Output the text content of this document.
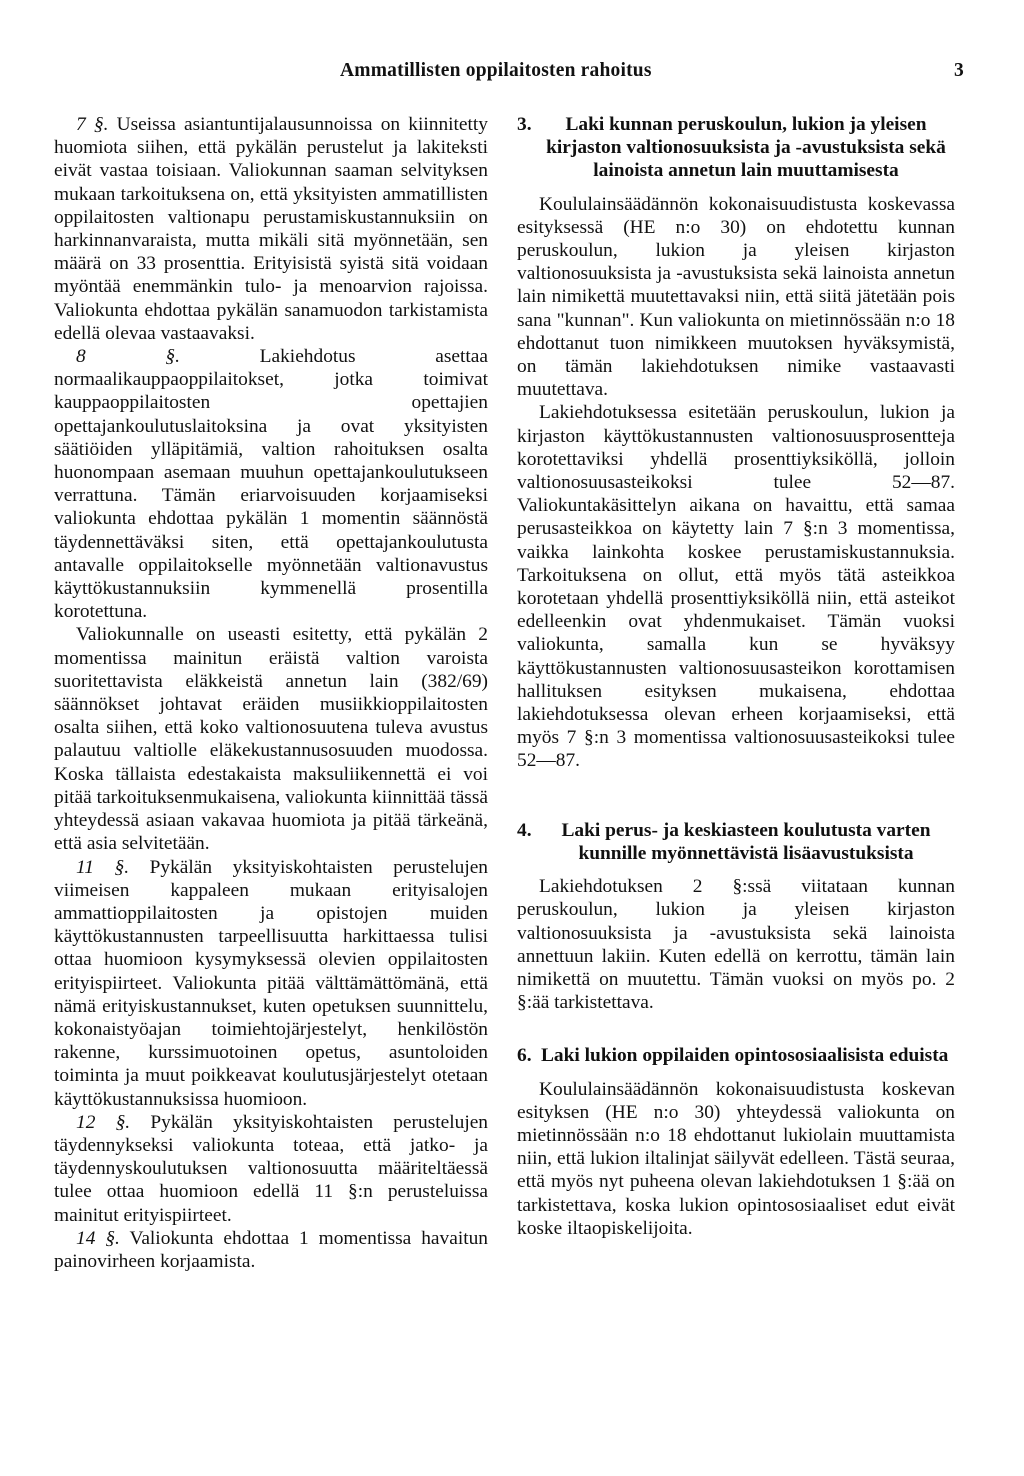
Ammatillisten oppilaitosten rahoitus	3

7 §. Useissa asiantuntijalausunnoissa on kiinnitetty huomiota siihen, että pykälän perustelut ja lakiteksti eivät vastaa toisiaan. Valiokunnan saaman selvityksen mukaan tarkoituksena on, että yksityisten ammatillisten oppilaitosten valtionapu perustamiskustannuksiin on harkinnanvaraista, mutta mikäli sitä myönnetään, sen määrä on 33 prosenttia. Erityisistä syistä sitä voidaan myöntää enemmänkin tulo- ja menoarvion rajoissa. Valiokunta ehdottaa pykälän sanamuodon tarkistamista edellä olevaa vastaavaksi.

8 §. Lakiehdotus asettaa normaalikauppaoppilaitokset, jotka toimivat kauppaoppilaitosten opettajien opettajankoulutuslaitoksina ja ovat yksityisten säätiöiden ylläpitämiä, valtion rahoituksen osalta huonompaan asemaan muuhun opettajankoulutukseen verrattuna. Tämän eriarvoisuuden korjaamiseksi valiokunta ehdottaa pykälän 1 momentin säännöstä täydennettäväksi siten, että opettajankoulutusta antavalle oppilaitokselle myönnetään valtionavustus käyttökustannuksiin kymmenellä prosentilla korotettuna.

Valiokunnalle on useasti esitetty, että pykälän 2 momentissa mainitun eräistä valtion varoista suoritettavista eläkkeistä annetun lain (382/69) säännökset johtavat eräiden musiikkioppilaitosten osalta siihen, että koko valtionosuutena tuleva avustus palautuu valtiolle eläkekustannusosuuden muodossa. Koska tällaista edestakaista maksuliikennettä ei voi pitää tarkoituksenmukaisena, valiokunta kiinnittää tässä yhteydessä asiaan vakavaa huomiota ja pitää tärkeänä, että asia selvitetään.

11 §. Pykälän yksityiskohtaisten perustelujen viimeisen kappaleen mukaan erityisalojen ammattioppilaitosten ja opistojen muiden käyttökustannusten tarpeellisuutta harkittaessa tulisi ottaa huomioon kysymyksessä olevien oppilaitosten erityispiirteet. Valiokunta pitää välttämättömänä, että nämä erityiskustannukset, kuten opetuksen suunnittelu, kokonaistyöajan toimiehtojärjestelyt, henkilöstön rakenne, kurssimuotoinen opetus, asuntoloiden toiminta ja muut poikkeavat koulutusjärjestelyt otetaan käyttökustannuksissa huomioon.

12 §. Pykälän yksityiskohtaisten perustelujen täydennykseksi valiokunta toteaa, että jatko- ja täydennyskoulutuksen valtionosuutta määriteltäessä tulee ottaa huomioon edellä 11 §:n perusteluissa mainitut erityispiirteet.

14 §. Valiokunta ehdottaa 1 momentissa havaitun painovirheen korjaamista.

3.	Laki kunnan peruskoulun, lukion ja yleisen kirjaston valtionosuuksista ja -avustuksista sekä lainoista annetun lain muuttamisesta

Koululainsäädännön kokonaisuudistusta koskevassa esityksessä (HE n:o 30) on ehdotettu kunnan peruskoulun, lukion ja yleisen kirjaston valtionosuuksista ja -avustuksista sekä lainoista annetun lain nimikettä muutettavaksi niin, että siitä jätetään pois sana "kunnan". Kun valiokunta on mietinnössään n:o 18 ehdottanut tuon nimikkeen muutoksen hyväksymistä, on tämän lakiehdotuksen nimike vastaavasti muutettava.

Lakiehdotuksessa esitetään peruskoulun, lukion ja kirjaston käyttökustannusten valtionosuusprosentteja korotettaviksi yhdellä prosenttiyksiköllä, jolloin valtionosuusasteikoksi tulee 52—87. Valiokuntakäsittelyn aikana on havaittu, että samaa perusasteikkoa on käytetty lain 7 §:n 3 momentissa, vaikka lainkohta koskee perustamiskustannuksia. Tarkoituksena on ollut, että myös tätä asteikkoa korotetaan yhdellä prosenttiyksiköllä niin, että asteikot edelleenkin ovat yhdenmukaiset. Tämän vuoksi valiokunta, samalla kun se hyväksyy käyttökustannusten valtionosuusasteikon korottamisen hallituksen esityksen mukaisena, ehdottaa lakiehdotuksessa olevan erheen korjaamiseksi, että myös 7 §:n 3 momentissa valtionosuusasteikoksi tulee 52—87.

4.	Laki perus- ja keskiasteen koulutusta varten kunnille myönnettävistä lisäavustuksista

Lakiehdotuksen 2 §:ssä viitataan kunnan peruskoulun, lukion ja yleisen kirjaston valtionosuuksista ja -avustuksista sekä lainoista annettuun lakiin. Kuten edellä on kerrottu, tämän lain nimikettä on muutettu. Tämän vuoksi on myös po. 2 §:ää tarkistettava.

6. Laki lukion oppilaiden opintososiaalisista eduista

Koululainsäädännön kokonaisuudistusta koskevan esityksen (HE n:o 30) yhteydessä valiokunta on mietinnössään n:o 18 ehdottanut lukiolain muuttamista niin, että lukion iltalinjat säilyvät edelleen. Tästä seuraa, että myös nyt puheena olevan lakiehdotuksen 1 §:ää on tarkistettava, koska lukion opintososiaaliset edut eivät koske iltaopiskelijoita.
